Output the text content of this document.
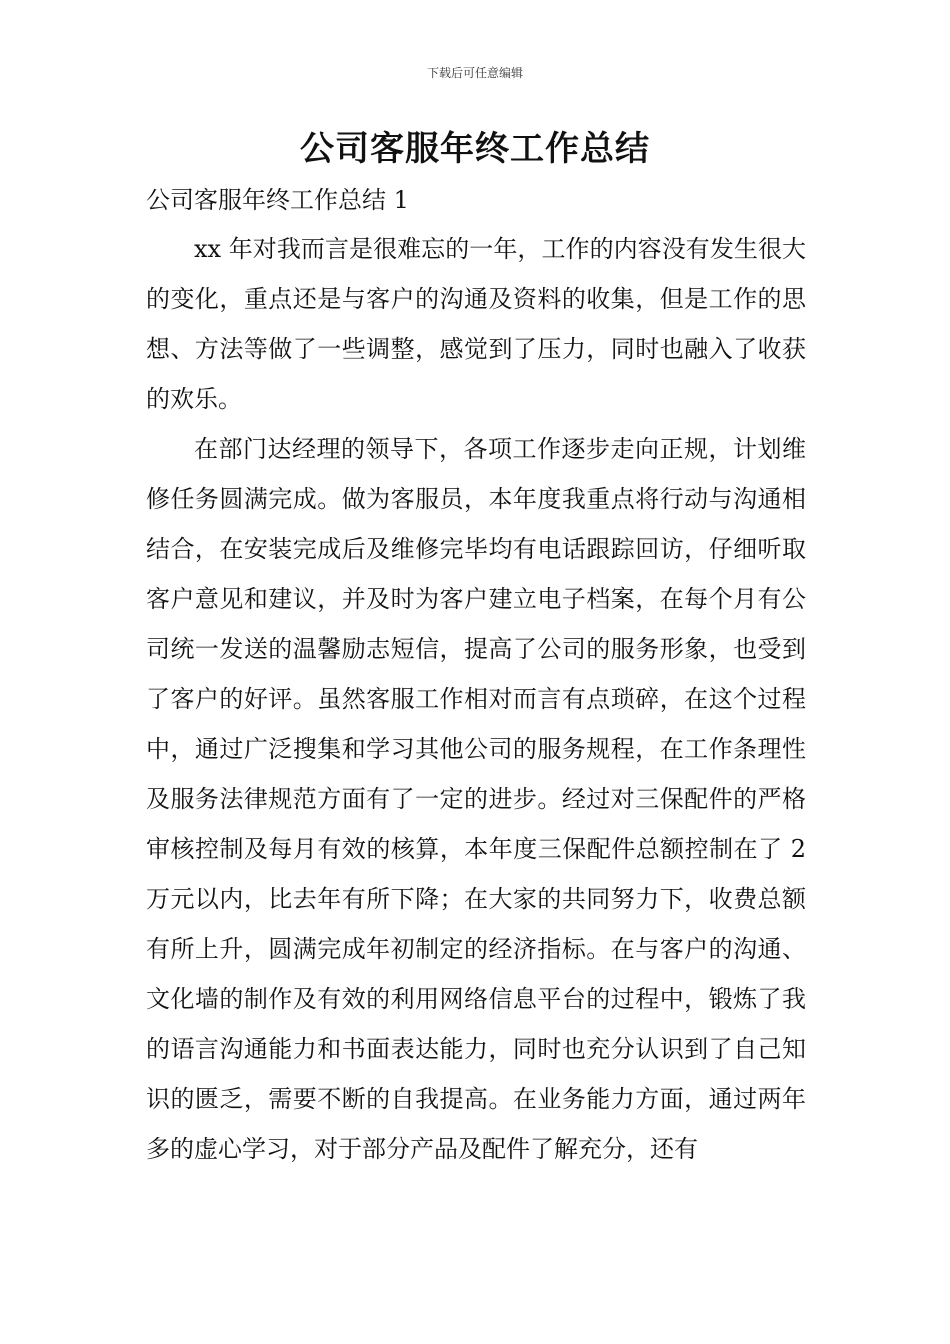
下载后可任意编辑
公司客服年终工作总结

公司客服年终工作总结 1

xx 年对我而言是很难忘的一年，工作的内容没有发生很大的变化，重点还是与客户的沟通及资料的收集，但是工作的思想、方法等做了一些调整，感觉到了压力，同时也融入了收获的欢乐。

在部门达经理的领导下，各项工作逐步走向正规，计划维修任务圆满完成。做为客服员，本年度我重点将行动与沟通相结合，在安装完成后及维修完毕均有电话跟踪回访，仔细听取客户意见和建议，并及时为客户建立电子档案，在每个月有公司统一发送的温馨励志短信，提高了公司的服务形象，也受到了客户的好评。虽然客服工作相对而言有点琐碎，在这个过程中，通过广泛搜集和学习其他公司的服务规程，在工作条理性及服务法律规范方面有了一定的进步。经过对三保配件的严格审核控制及每月有效的核算，本年度三保配件总额控制在了 2 万元以内，比去年有所下降；在大家的共同努力下，收费总额有所上升，圆满完成年初制定的经济指标。在与客户的沟通、文化墙的制作及有效的利用网络信息平台的过程中，锻炼了我的语言沟通能力和书面表达能力，同时也充分认识到了自己知识的匮乏，需要不断的自我提高。在业务能力方面，通过两年多的虚心学习，对于部分产品及配件了解充分，还有
